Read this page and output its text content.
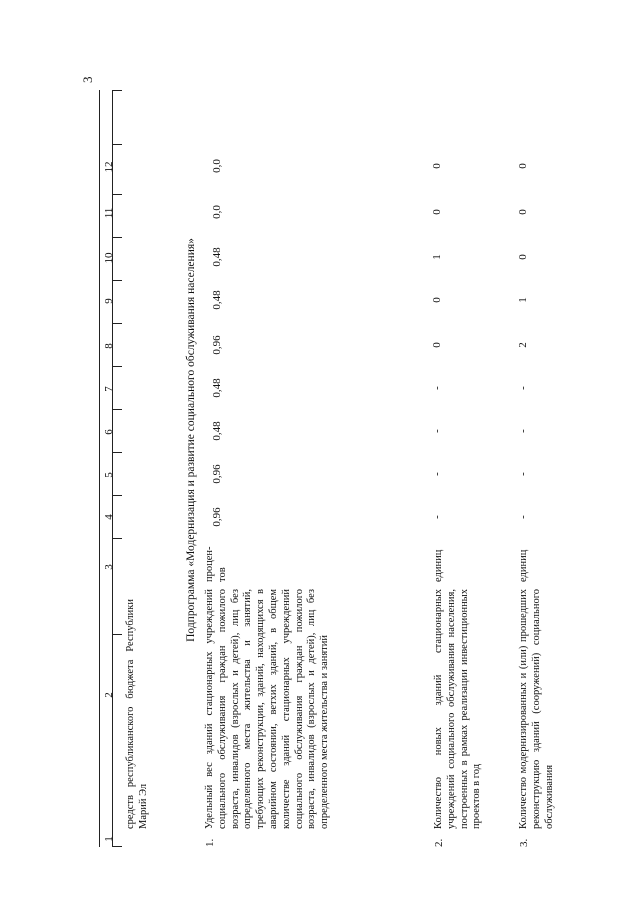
3
1
2
3
4
5
6
7
8
9
10
11
12
средств республиканского бюджета Республики Марий Эл
Подпрограмма «Модернизация и развитие социального обслуживания населения»
1.
Удельный вес зданий стационарных учреждений социального обслуживания граждан пожилого возраста, инвалидов (взрослых и детей), лиц без определенного места жительства и занятий, требующих реконструкции, зданий, находящихся в аварийном состоянии, ветхих зданий, в общем количестве зданий стационарных учреждений социального обслуживания граждан пожилого возраста, инвалидов (взрослых и детей), лиц без определенного места жительства и занятий
процен-тов
0,96
0,96
0,48
0,48
0,96
0,48
0,48
0,0
0,0
2.
Количество новых зданий стационарных учреждений социального обслуживания населения, построенных в рамках реализации инвестиционных проектов в год
единиц
-
-
-
-
0
0
1
0
0
3.
Количество модернизированных и (или) прошедших реконструкцию зданий (сооружений) социального обслуживания
единиц
-
-
-
-
2
1
0
0
0
